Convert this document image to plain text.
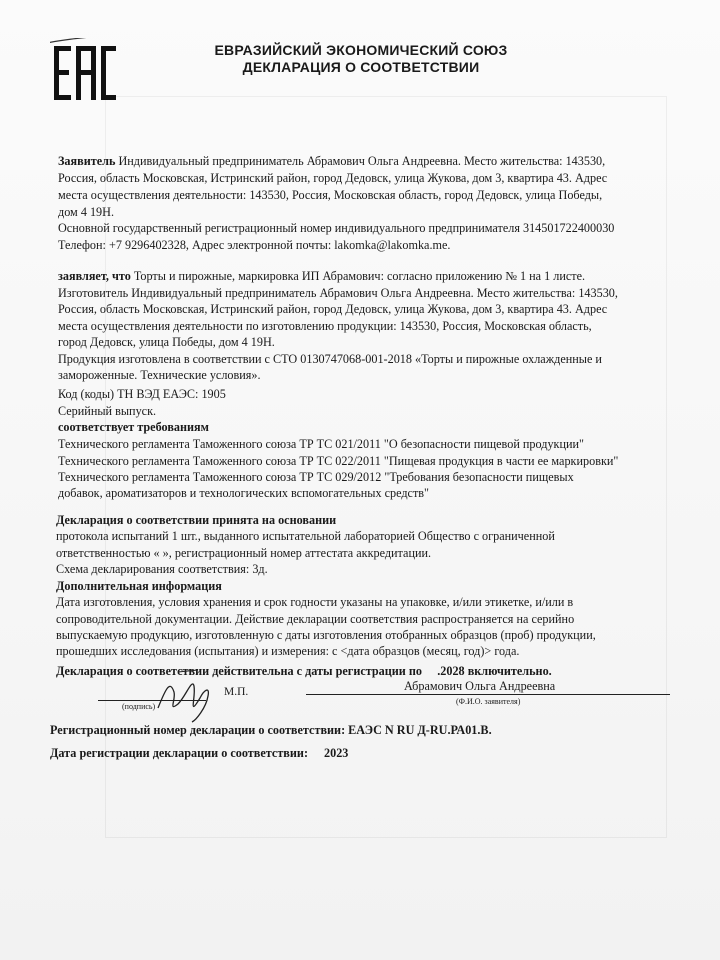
ЕВРАЗИЙСКИЙ ЭКОНОМИЧЕСКИЙ СОЮЗ
ДЕКЛАРАЦИЯ О СООТВЕТСТВИИ
Заявитель Индивидуальный предприниматель Абрамович Ольга Андреевна. Место жительства: 143530,
Россия, область Московская, Истринский район, город Дедовск, улица Жукова, дом 3, квартира 43. Адрес
места осуществления деятельности: 143530, Россия, Московская область, город Дедовск, улица Победы,
дом 4 19Н.
Основной государственный регистрационный номер индивидуального предпринимателя 314501722400030
Телефон: +7 9296402328, Адрес электронной почты: lakomka@lakomka.me.
заявляет, что Торты и пирожные, маркировка ИП Абрамович: согласно приложению № 1 на 1 листе.
Изготовитель Индивидуальный предприниматель Абрамович Ольга Андреевна. Место жительства: 143530,
Россия, область Московская, Истринский район, город Дедовск, улица Жукова, дом 3, квартира 43. Адрес
места осуществления деятельности по изготовлению продукции: 143530, Россия, Московская область,
город Дедовск, улица Победы, дом 4 19Н.
Продукция изготовлена в соответствии с СТО 0130747068-001-2018 «Торты и пирожные охлажденные и
замороженные. Технические условия».
Код (коды) ТН ВЭД ЕАЭС: 1905
Серийный выпуск.
соответствует требованиям
Технического регламента Таможенного союза ТР ТС 021/2011 "О безопасности пищевой продукции"
Технического регламента Таможенного союза ТР ТС 022/2011 "Пищевая продукция в части ее маркировки"
Технического регламента Таможенного союза ТР ТС 029/2012 "Требования безопасности пищевых
добавок, ароматизаторов и технологических вспомогательных средств"
Декларация о соответствии принята на основании
протокола испытаний 1 шт., выданного испытательной лабораторией Общество с ограниченной
ответственностью « », регистрационный номер аттестата аккредитации.
Схема декларирования соответствия: 3д.
Дополнительная информация
Дата изготовления, условия хранения и срок годности указаны на упаковке, и/или этикетке, и/или в
сопроводительной документации. Действие декларации соответствия распространяется на серийно
выпускаемую продукцию, изготовленную с даты изготовления отобранных образцов (проб) продукции,
прошедших исследования (испытания) и измерения: с <дата образцов (месяц, год)> года.
Декларация о соответствии действительна с даты регистрации по     .2028 включительно.
(подпись)
М.П.	Абрамович Ольга Андреевна
(Ф.И.О. заявителя)
Регистрационный номер декларации о соответствии: ЕАЭС N RU Д-RU.РА01.В.
Дата регистрации декларации о соответствии: 2023
